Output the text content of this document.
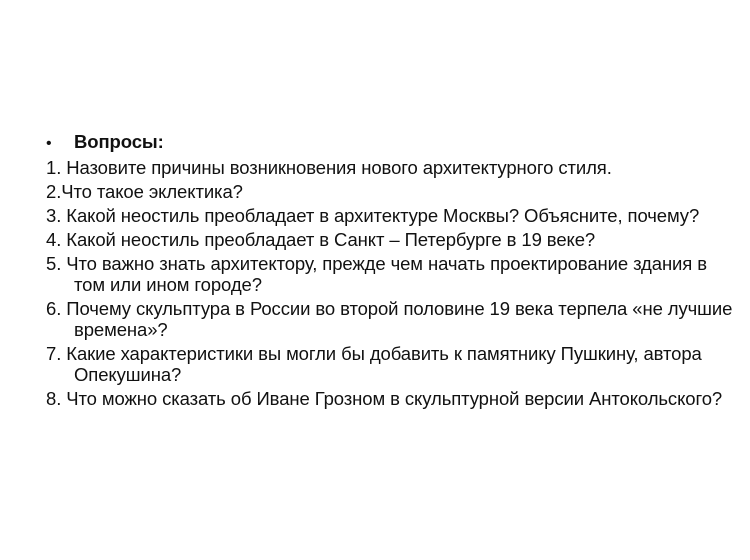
•	Вопросы:
1. Назовите причины возникновения нового архитектурного стиля.
2.Что такое эклектика?
3. Какой неостиль преобладает в архитектуре Москвы? Объясните, почему?
4. Какой неостиль преобладает в Санкт – Петербурге в 19 веке?
5. Что важно знать архитектору, прежде чем начать проектирование здания в том или ином городе?
6. Почему скульптура в России во второй половине 19 века терпела «не лучшие времена»?
7. Какие характеристики вы могли бы добавить к памятнику Пушкину, автора Опекушина?
8. Что можно сказать об Иване Грозном в скульптурной версии Антокольского?
